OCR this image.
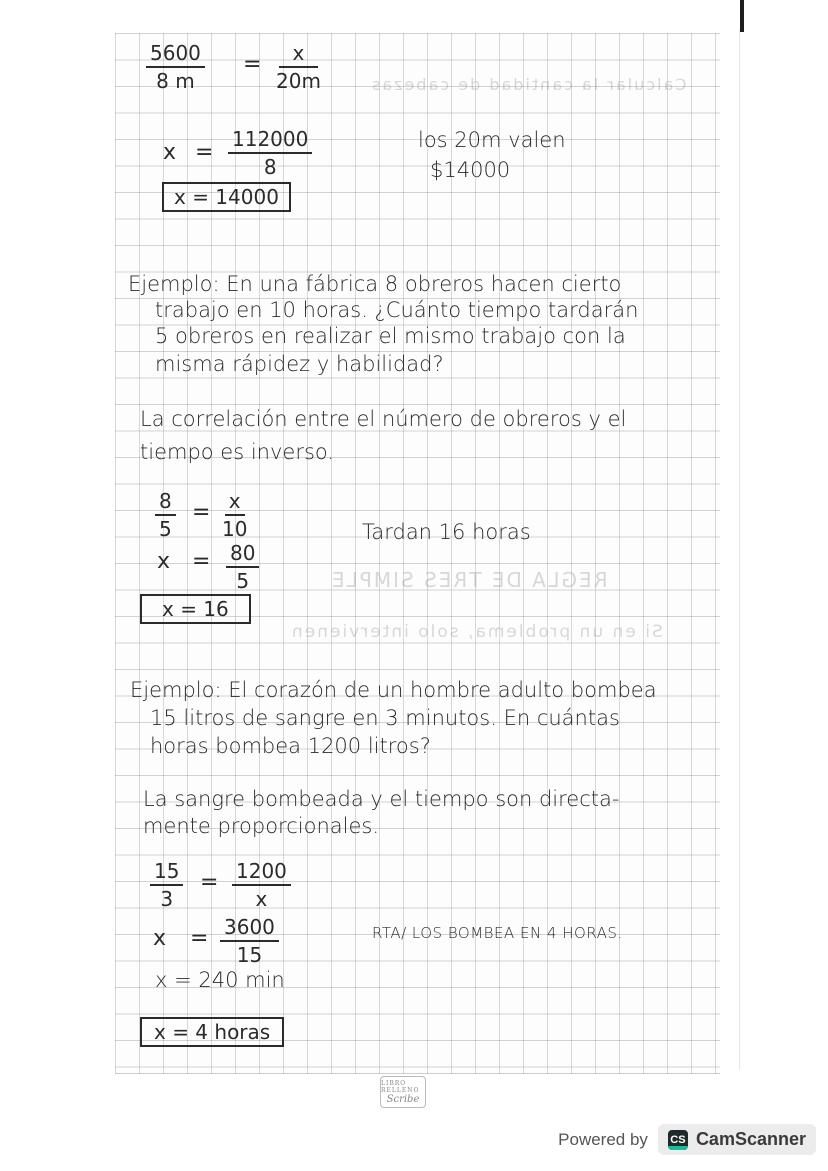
REGLA DE TRES SIMPLE
Si en un problema, solo intervienen
Calcular la cantidad de cabezas
$\frac{5600}{8 m} = \frac{x}{20m}$
$x = \frac{112000}{8}$
x = 14000
los 20m valen
$14000
Ejemplo: En una fábrica 8 obreros hacen cierto
trabajo en 10 horas. ¿Cuánto tiempo tardarán
5 obreros en realizar el mismo trabajo con la
misma rápidez y habilidad?
La correlación entre el número de obreros y el
tiempo es inverso.
$\frac{8}{5} = \frac{x}{10}$
$x = \frac{80}{5}$
x = 16
Tardan 16 horas
Ejemplo: El corazón de un hombre adulto bombea
15 litros de sangre en 3 minutos. En cuántas
horas bombea 1200 litros?
La sangre bombeada y el tiempo son directa-
mente proporcionales.
$\frac{15}{3} = \frac{1200}{x}$
$x = \frac{3600}{15}$
x = 240 min
x = 4 horas
RTA/ LOS BOMBEA EN 4 HORAS.
LIBRO RELLENO
Scribe
Powered by CS CamScanner
